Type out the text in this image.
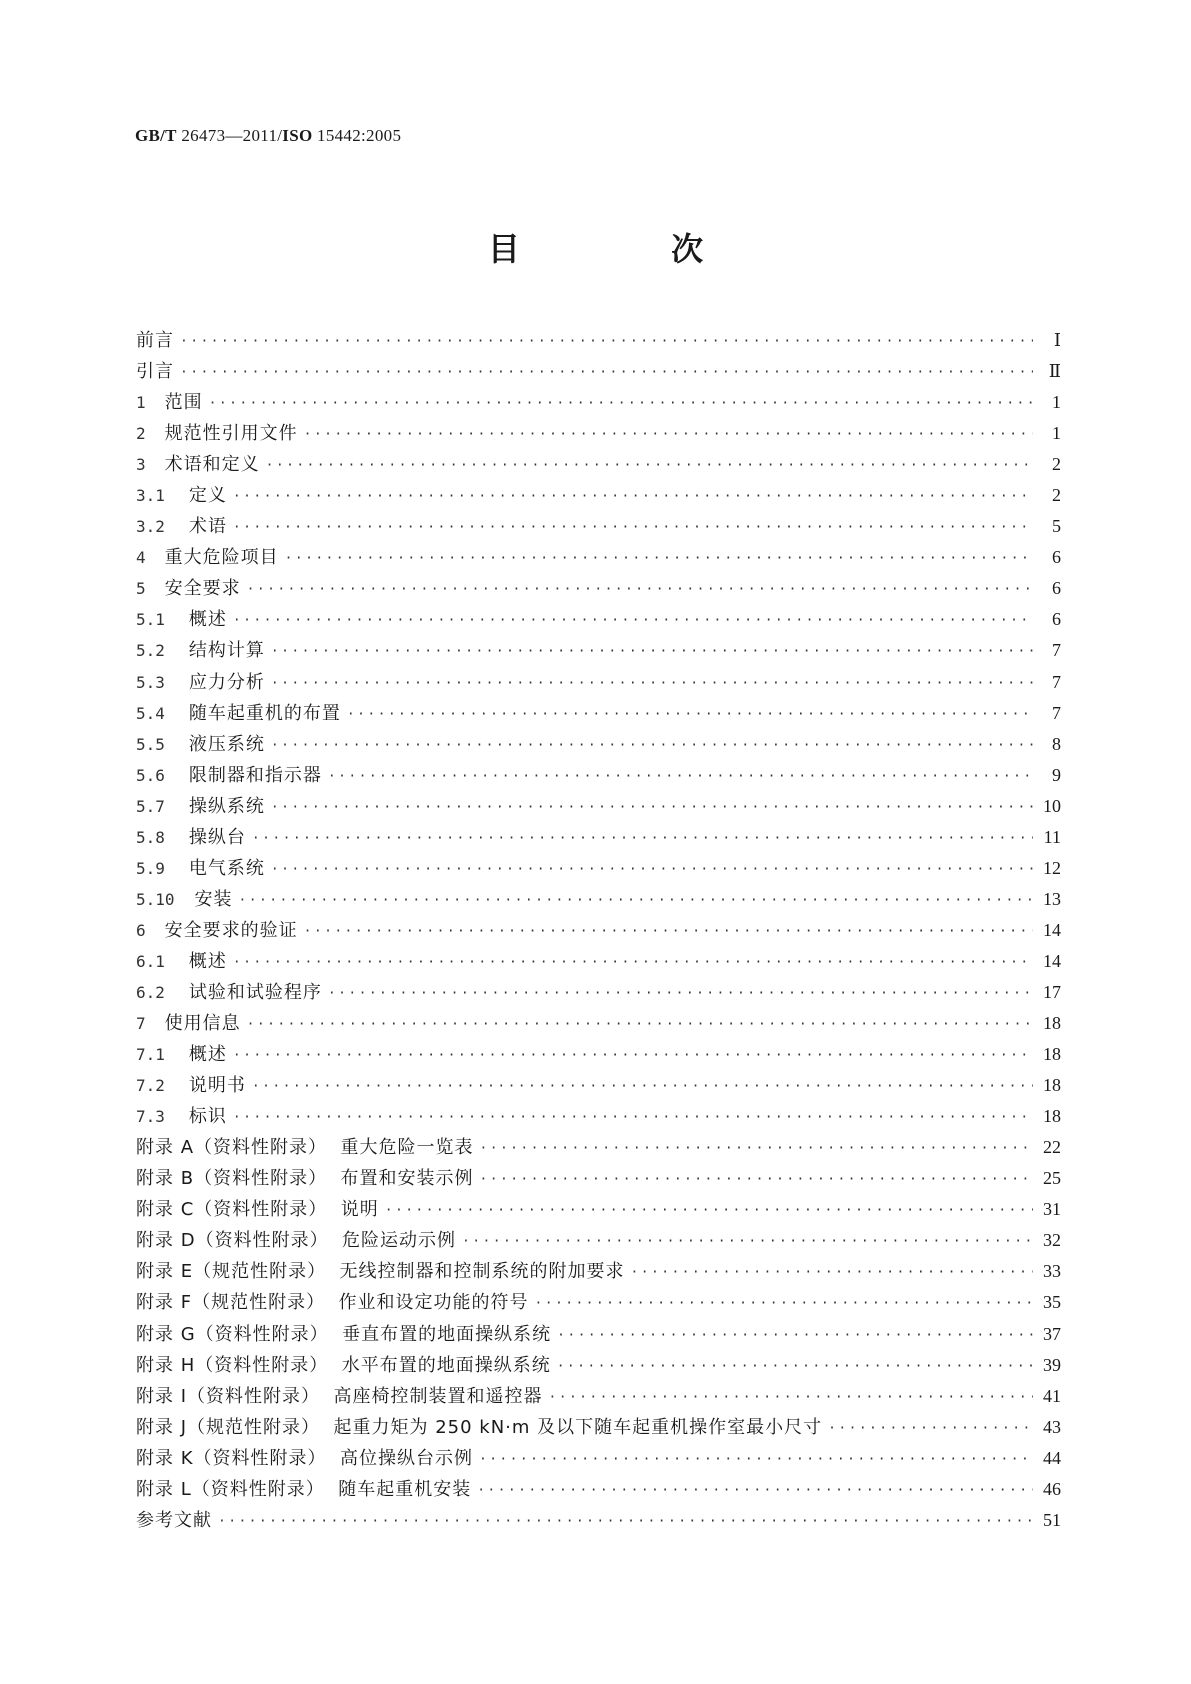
GB/T 26473—2011/ISO 15442:2005
目 次
前言 ·····	Ⅰ
引言 ·····	Ⅱ
1 范围 ·····	1
2 规范性引用文件 ·····	1
3 术语和定义 ·····	2
3.1 定义 ·····	2
3.2 术语 ·····	5
4 重大危险项目 ·····	6
5 安全要求 ·····	6
5.1 概述 ·····	6
5.2 结构计算 ·····	7
5.3 应力分析 ·····	7
5.4 随车起重机的布置 ·····	7
5.5 液压系统 ·····	8
5.6 限制器和指示器 ·····	9
5.7 操纵系统 ·····	10
5.8 操纵台 ·····	11
5.9 电气系统 ·····	12
5.10 安装 ·····	13
6 安全要求的验证 ·····	14
6.1 概述 ·····	14
6.2 试验和试验程序 ·····	17
7 使用信息 ·····	18
7.1 概述 ·····	18
7.2 说明书 ·····	18
7.3 标识 ·····	18
附录 A（资料性附录）  重大危险一览表 ·····	22
附录 B（资料性附录）  布置和安装示例 ·····	25
附录 C（资料性附录）  说明 ·····	31
附录 D（资料性附录）  危险运动示例 ·····	32
附录 E（规范性附录）  无线控制器和控制系统的附加要求 ·····	33
附录 F（规范性附录）  作业和设定功能的符号 ·····	35
附录 G（资料性附录）  垂直布置的地面操纵系统 ·····	37
附录 H（资料性附录）  水平布置的地面操纵系统 ·····	39
附录 I（资料性附录）  高座椅控制装置和遥控器 ·····	41
附录 J（规范性附录）  起重力矩为 250 kN·m 及以下随车起重机操作室最小尺寸 ·····	43
附录 K（资料性附录）  高位操纵台示例 ·····	44
附录 L（资料性附录）  随车起重机安装 ·····	46
参考文献 ·····	51
